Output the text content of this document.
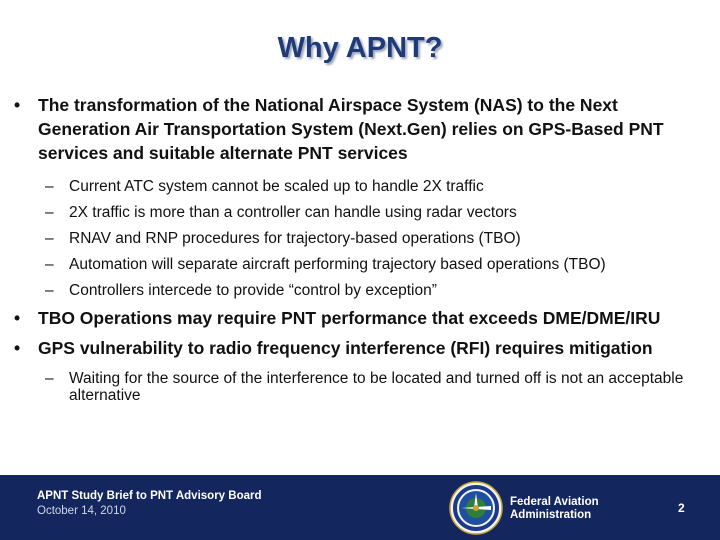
Why APNT?
• The transformation of the National Airspace System (NAS) to the Next Generation Air Transportation System (Next.Gen) relies on GPS-Based PNT services and suitable alternate PNT services
– Current ATC system cannot be scaled up to handle 2X traffic
– 2X traffic is more than a controller can handle using radar vectors
– RNAV and RNP procedures for trajectory-based operations (TBO)
– Automation will separate aircraft performing trajectory based operations (TBO)
– Controllers intercede to provide “control by exception”
• TBO Operations may require PNT performance that exceeds DME/DME/IRU
• GPS vulnerability to radio frequency interference (RFI) requires mitigation
– Waiting for the source of the interference to be located and turned off is not an acceptable alternative
APNT Study Brief to PNT Advisory Board
October 14, 2010
Federal Aviation
Administration	2
